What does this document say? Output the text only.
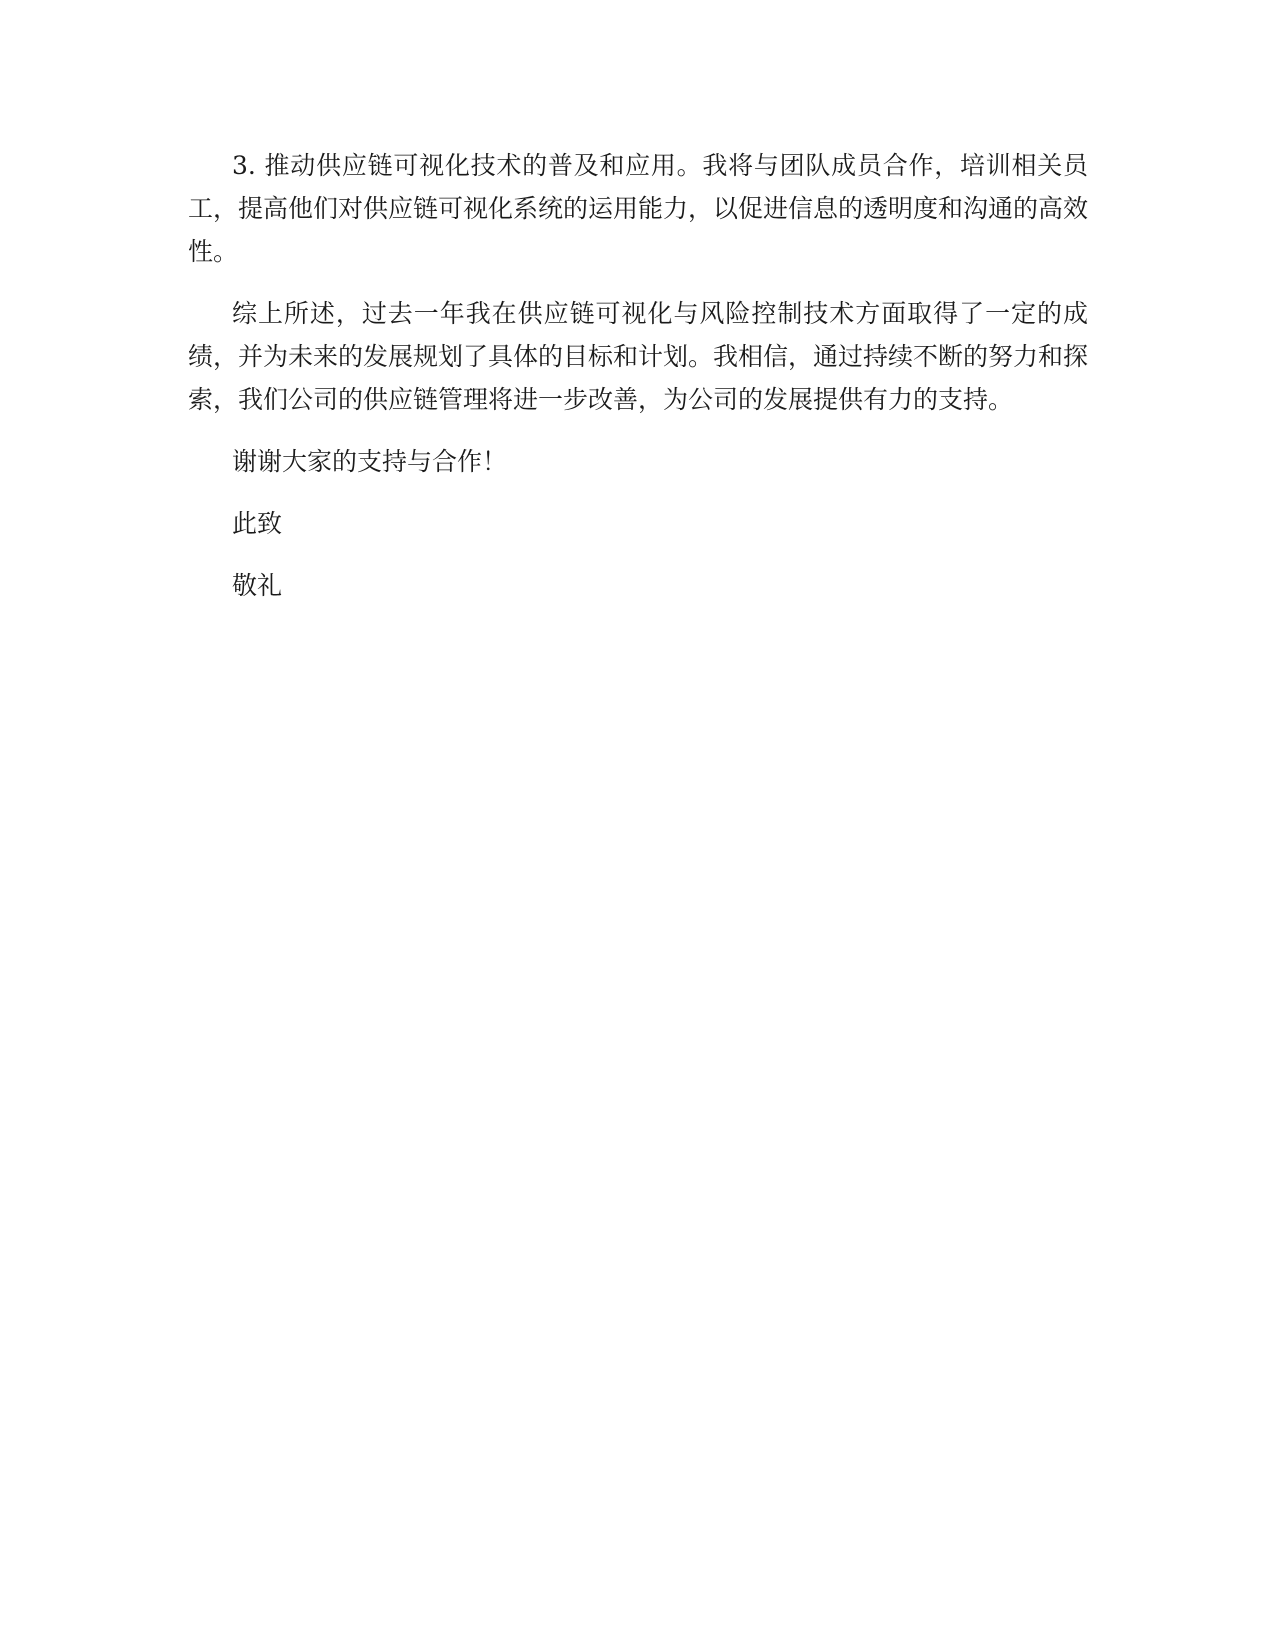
3. 推动供应链可视化技术的普及和应用。我将与团队成员合作，培训相关员工，提高他们对供应链可视化系统的运用能力，以促进信息的透明度和沟通的高效性。

综上所述，过去一年我在供应链可视化与风险控制技术方面取得了一定的成绩，并为未来的发展规划了具体的目标和计划。我相信，通过持续不断的努力和探索，我们公司的供应链管理将进一步改善，为公司的发展提供有力的支持。

谢谢大家的支持与合作！

此致

敬礼
